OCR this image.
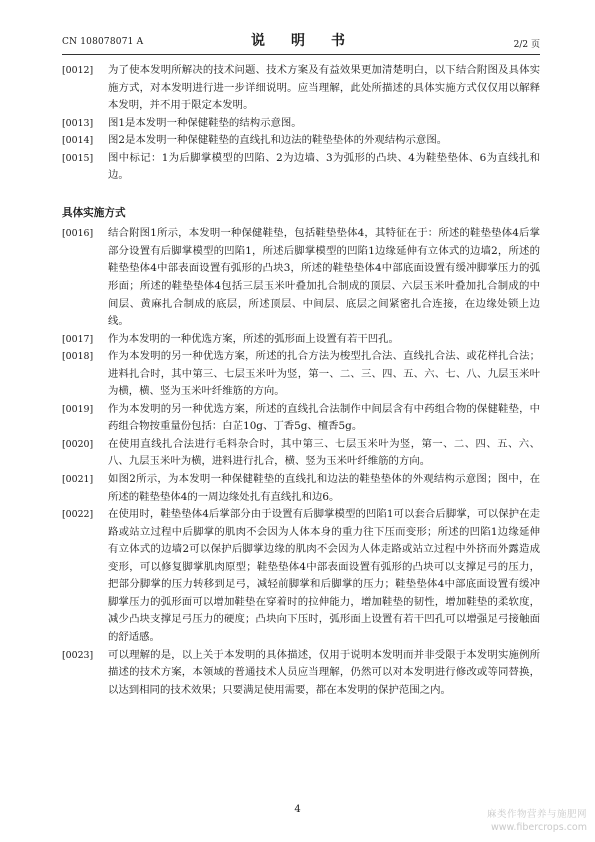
CN 108078071 A	说　明　书	2/2 页

[0012] 为了使本发明所解决的技术问题、技术方案及有益效果更加清楚明白，以下结合附图及具体实施方式，对本发明进行进一步详细说明。应当理解，此处所描述的具体实施方式仅仅用以解释本发明，并不用于限定本发明。

[0013] 图1是本发明一种保健鞋垫的结构示意图。

[0014] 图2是本发明一种保健鞋垫的直线扎和边法的鞋垫垫体的外观结构示意图。

[0015] 图中标记：1为后脚掌模型的凹陷、2为边墙、3为弧形的凸块、4为鞋垫垫体、6为直线扎和边。

具体实施方式

[0016] 结合附图1所示，本发明一种保健鞋垫，包括鞋垫垫体4，其特征在于：所述的鞋垫垫体4后掌部分设置有后脚掌模型的凹陷1，所述后脚掌模型的凹陷1边缘延伸有立体式的边墙2，所述的鞋垫垫体4中部表面设置有弧形的凸块3，所述的鞋垫垫体4中部底面设置有缓冲脚掌压力的弧形面；所述的鞋垫垫体4包括三层玉米叶叠加扎合制成的顶层、六层玉米叶叠加扎合制成的中间层、黄麻扎合制成的底层，所述顶层、中间层、底层之间紧密扎合连接，在边缘处锁上边线。

[0017] 作为本发明的一种优选方案，所述的弧形面上设置有若干凹孔。

[0018] 作为本发明的另一种优选方案，所述的扎合方法为梭型扎合法、直线扎合法、或花样扎合法；进料扎合时，其中第三、七层玉米叶为竖，第一、二、三、四、五、六、七、八、九层玉米叶为横，横、竖为玉米叶纤维筋的方向。

[0019] 作为本发明的另一种优选方案，所述的直线扎合法制作中间层含有中药组合物的保健鞋垫，中药组合物按重量份包括：白芷10g、丁香5g、檀香5g。

[0020] 在使用直线扎合法进行毛料杂合时，其中第三、七层玉米叶为竖，第一、二、四、五、六、八、九层玉米叶为横，进料进行扎合，横、竖为玉米叶纤维筋的方向。

[0021] 如图2所示，为本发明一种保健鞋垫的直线扎和边法的鞋垫垫体的外观结构示意图；图中，在所述的鞋垫垫体4的一周边缘处扎有直线扎和边6。

[0022] 在使用时，鞋垫垫体4后掌部分由于设置有后脚掌模型的凹陷1可以套合后脚掌，可以保护在走路或站立过程中后脚掌的肌肉不会因为人体本身的重力往下压而变形；所述的凹陷1边缘延伸有立体式的边墙2可以保护后脚掌边缘的肌肉不会因为人体走路或站立过程中外挤而外露造成变形，可以修复脚掌肌肉原型；鞋垫垫体4中部表面设置有弧形的凸块可以支撑足弓的压力，把部分脚掌的压力转移到足弓，减轻前脚掌和后脚掌的压力；鞋垫垫体4中部底面设置有缓冲脚掌压力的弧形面可以增加鞋垫在穿着时的拉伸能力，增加鞋垫的韧性，增加鞋垫的柔软度，减少凸块支撑足弓压力的硬度；凸块向下压时，弧形面上设置有若干凹孔可以增强足弓接触面的舒适感。

[0023] 可以理解的是，以上关于本发明的具体描述，仅用于说明本发明而并非受限于本发明实施例所描述的技术方案，本领域的普通技术人员应当理解，仍然可以对本发明进行修改或等同替换，以达到相同的技术效果；只要满足使用需要，都在本发明的保护范围之内。

4	麻类作物营养与施肥网
www.fibercrops.com
